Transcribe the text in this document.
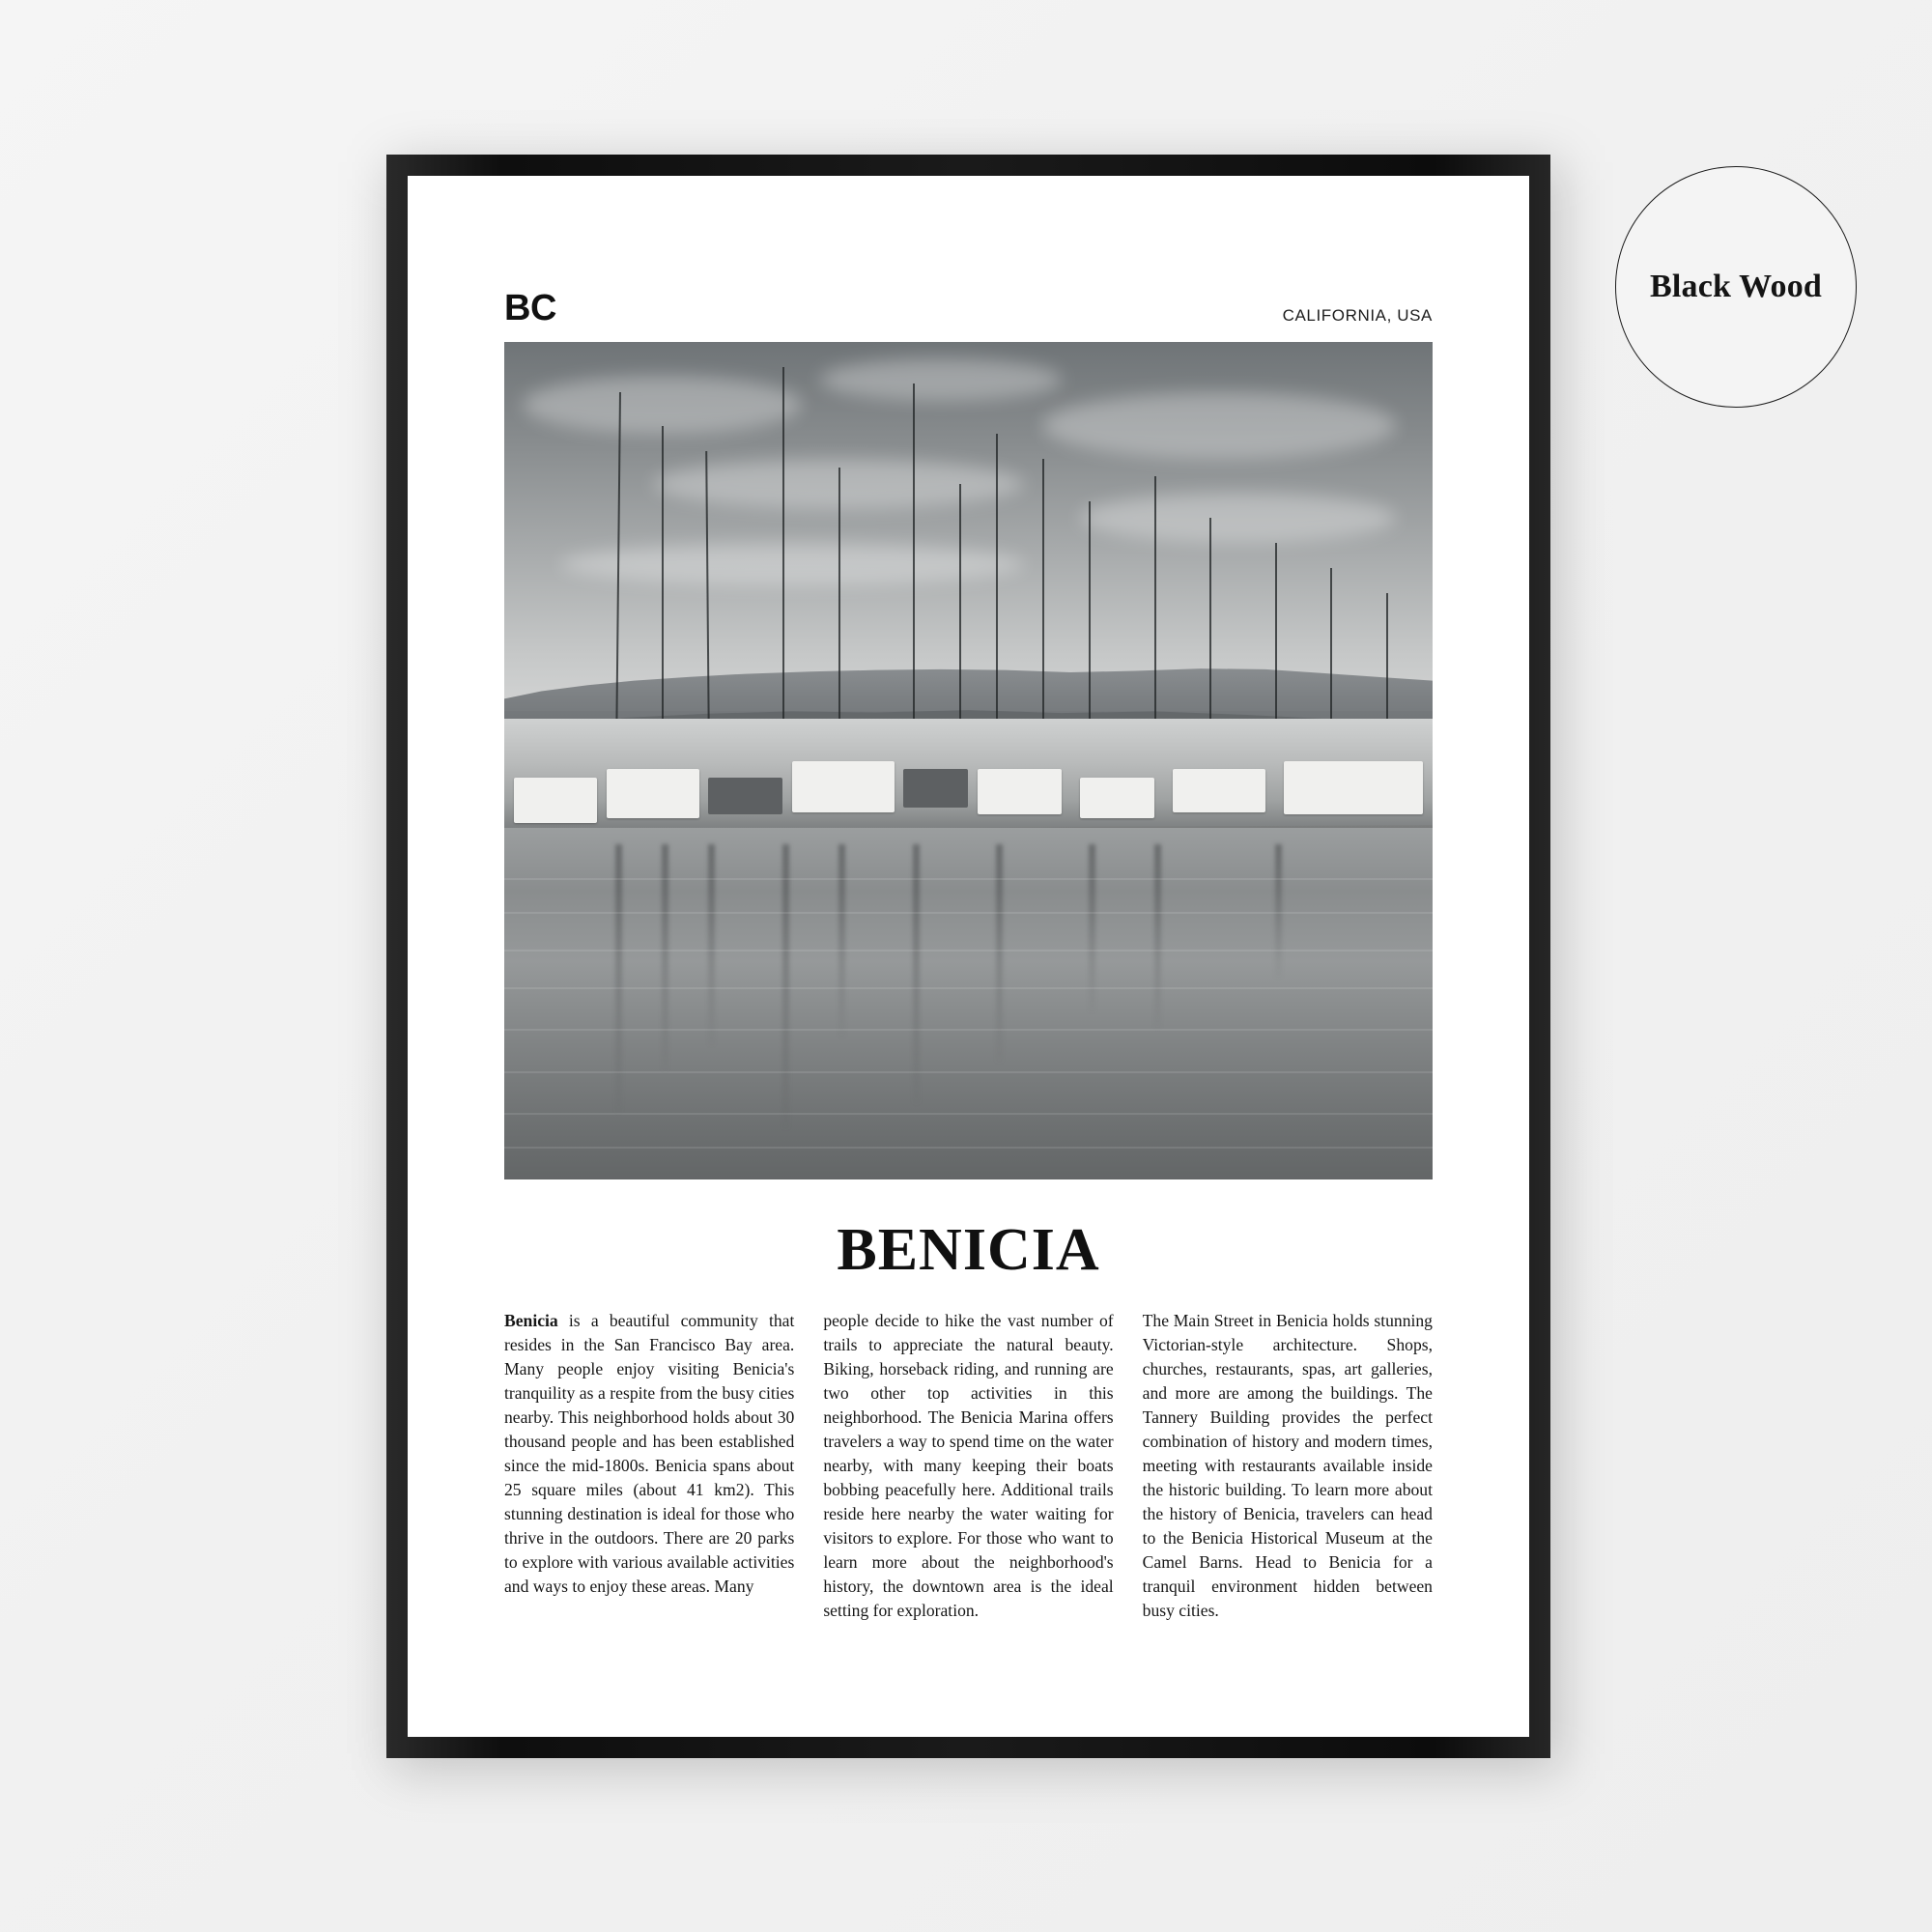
BC	CALIFORNIA, USA
BENICIA
Benicia is a beautiful community that resides in the San Francisco Bay area. Many people enjoy visiting Benicia's tranquility as a respite from the busy cities nearby. This neighborhood holds about 30 thousand people and has been established since the mid-1800s. Benicia spans about 25 square miles (about 41 km2). This stunning destination is ideal for those who thrive in the outdoors. There are 20 parks to explore with various available activities and ways to enjoy these areas. Many
people decide to hike the vast number of trails to appreciate the natural beauty. Biking, horseback riding, and running are two other top activities in this neighborhood. The Benicia Marina offers travelers a way to spend time on the water nearby, with many keeping their boats bobbing peacefully here. Additional trails reside here nearby the water waiting for visitors to explore. For those who want to learn more about the neighborhood's history, the downtown area is the ideal setting for exploration.
The Main Street in Benicia holds stunning Victorian-style architecture. Shops, churches, restaurants, spas, art galleries, and more are among the buildings. The Tannery Building provides the perfect combination of history and modern times, meeting with restaurants available inside the historic building. To learn more about the history of Benicia, travelers can head to the Benicia Historical Museum at the Camel Barns. Head to Benicia for a tranquil environment hidden between busy cities.
Black Wood
